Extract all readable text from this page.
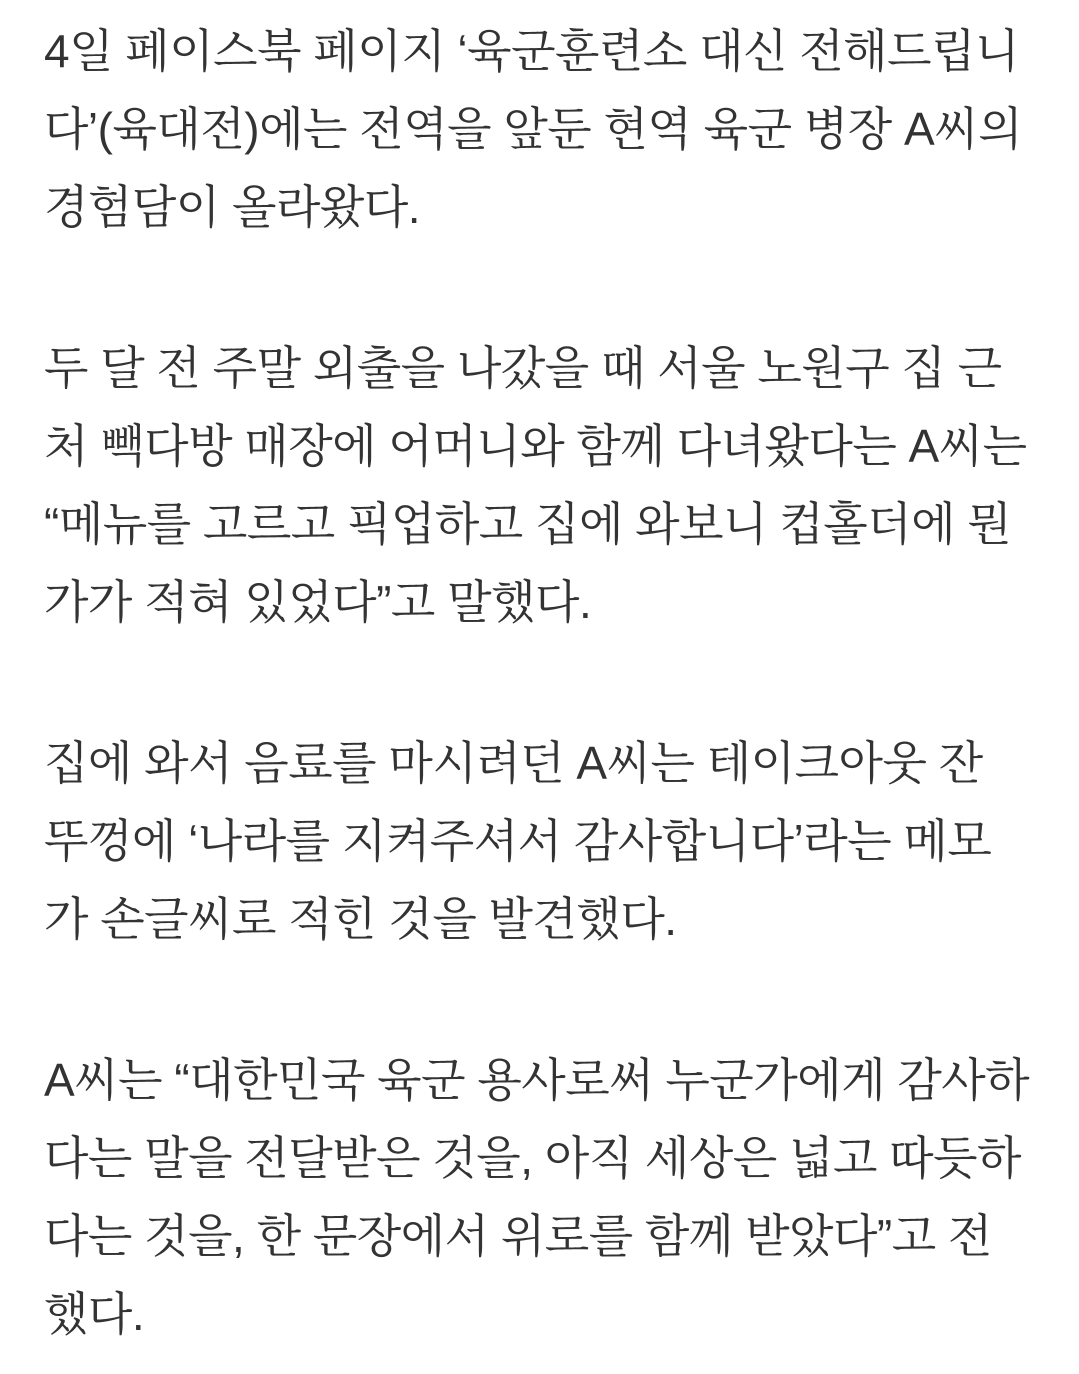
4일 페이스북 페이지 ‘육군훈련소 대신 전해드립니다’(육대전)에는 전역을 앞둔 현역 육군 병장 A씨의 경험담이 올라왔다.

두 달 전 주말 외출을 나갔을 때 서울 노원구 집 근처 빽다방 매장에 어머니와 함께 다녀왔다는 A씨는 “메뉴를 고르고 픽업하고 집에 와보니 컵홀더에 뭔가가 적혀 있었다”고 말했다.

집에 와서 음료를 마시려던 A씨는 테이크아웃 잔 뚜껑에 ‘나라를 지켜주셔서 감사합니다’라는 메모가 손글씨로 적힌 것을 발견했다.

A씨는 “대한민국 육군 용사로써 누군가에게 감사하다는 말을 전달받은 것을, 아직 세상은 넓고 따듯하다는 것을, 한 문장에서 위로를 함께 받았다”고 전했다.
